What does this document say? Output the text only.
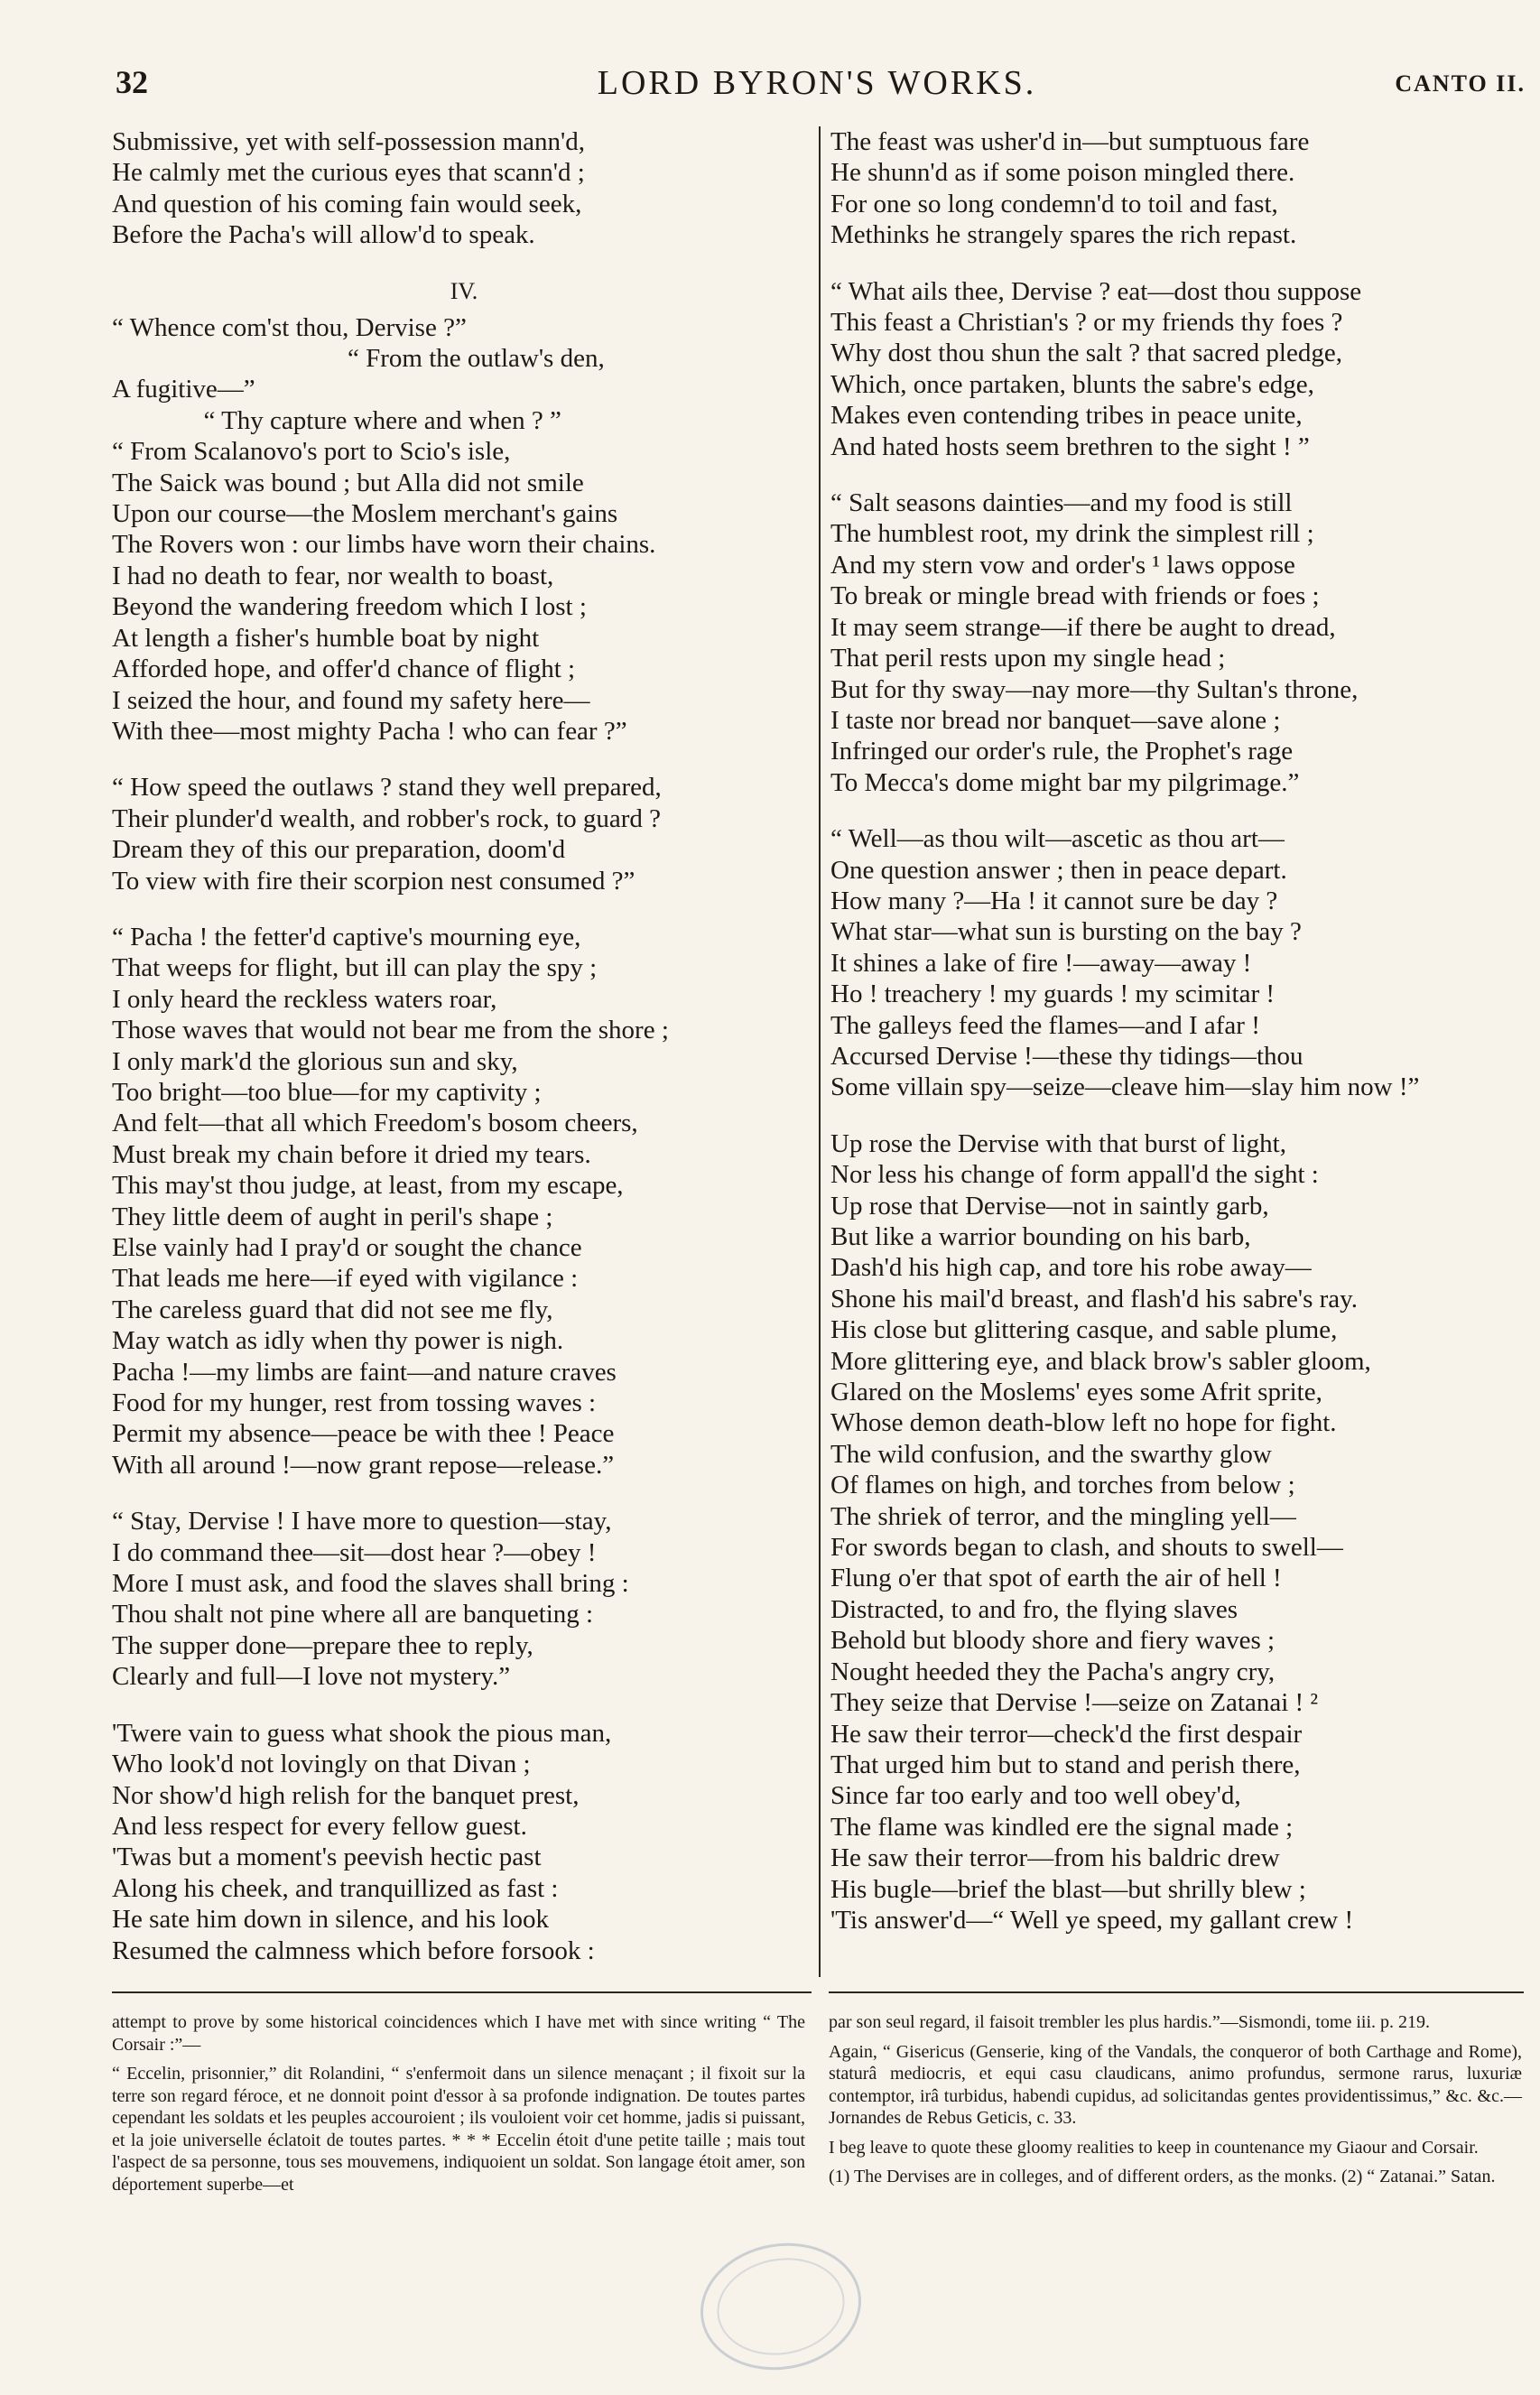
32	LORD BYRON'S WORKS.	CANTO II.
Submissive, yet with self-possession mann'd,
He calmly met the curious eyes that scann'd ;
And question of his coming fain would seek,
Before the Pacha's will allow'd to speak.
IV.
“ Whence com'st thou, Dervise ?”
“ From the outlaw's den,
A fugitive—”
“ Thy capture where and when ? ”
“ From Scalanovo's port to Scio's isle,
The Saick was bound ; but Alla did not smile
Upon our course—the Moslem merchant's gains
The Rovers won : our limbs have worn their chains.
I had no death to fear, nor wealth to boast,
Beyond the wandering freedom which I lost ;
At length a fisher's humble boat by night
Afforded hope, and offer'd chance of flight ;
I seized the hour, and found my safety here—
With thee—most mighty Pacha ! who can fear ?”
“ How speed the outlaws ? stand they well prepared,
Their plunder'd wealth, and robber's rock, to guard ?
Dream they of this our preparation, doom'd
To view with fire their scorpion nest consumed ?”
“ Pacha ! the fetter'd captive's mourning eye,
That weeps for flight, but ill can play the spy ;
I only heard the reckless waters roar,
Those waves that would not bear me from the shore ;
I only mark'd the glorious sun and sky,
Too bright—too blue—for my captivity ;
And felt—that all which Freedom's bosom cheers,
Must break my chain before it dried my tears.
This may'st thou judge, at least, from my escape,
They little deem of aught in peril's shape ;
Else vainly had I pray'd or sought the chance
That leads me here—if eyed with vigilance :
The careless guard that did not see me fly,
May watch as idly when thy power is nigh.
Pacha !—my limbs are faint—and nature craves
Food for my hunger, rest from tossing waves :
Permit my absence—peace be with thee ! Peace
With all around !—now grant repose—release.”
“ Stay, Dervise ! I have more to question—stay,
I do command thee—sit—dost hear ?—obey !
More I must ask, and food the slaves shall bring :
Thou shalt not pine where all are banqueting :
The supper done—prepare thee to reply,
Clearly and full—I love not mystery.”
'Twere vain to guess what shook the pious man,
Who look'd not lovingly on that Divan ;
Nor show'd high relish for the banquet prest,
And less respect for every fellow guest.
'Twas but a moment's peevish hectic past
Along his cheek, and tranquillized as fast :
He sate him down in silence, and his look
Resumed the calmness which before forsook :
The feast was usher'd in—but sumptuous fare
He shunn'd as if some poison mingled there.
For one so long condemn'd to toil and fast,
Methinks he strangely spares the rich repast.
“ What ails thee, Dervise ? eat—dost thou suppose
This feast a Christian's ? or my friends thy foes ?
Why dost thou shun the salt ? that sacred pledge,
Which, once partaken, blunts the sabre's edge,
Makes even contending tribes in peace unite,
And hated hosts seem brethren to the sight ! ”
“ Salt seasons dainties—and my food is still
The humblest root, my drink the simplest rill ;
And my stern vow and order's ¹ laws oppose
To break or mingle bread with friends or foes ;
It may seem strange—if there be aught to dread,
That peril rests upon my single head ;
But for thy sway—nay more—thy Sultan's throne,
I taste nor bread nor banquet—save alone ;
Infringed our order's rule, the Prophet's rage
To Mecca's dome might bar my pilgrimage.”
“ Well—as thou wilt—ascetic as thou art—
One question answer ; then in peace depart.
How many ?—Ha ! it cannot sure be day ?
What star—what sun is bursting on the bay ?
It shines a lake of fire !—away—away !
Ho ! treachery ! my guards ! my scimitar !
The galleys feed the flames—and I afar !
Accursed Dervise !—these thy tidings—thou
Some villain spy—seize—cleave him—slay him now !”
Up rose the Dervise with that burst of light,
Nor less his change of form appall'd the sight :
Up rose that Dervise—not in saintly garb,
But like a warrior bounding on his barb,
Dash'd his high cap, and tore his robe away—
Shone his mail'd breast, and flash'd his sabre's ray.
His close but glittering casque, and sable plume,
More glittering eye, and black brow's sabler gloom,
Glared on the Moslems' eyes some Afrit sprite,
Whose demon death-blow left no hope for fight.
The wild confusion, and the swarthy glow
Of flames on high, and torches from below ;
The shriek of terror, and the mingling yell—
For swords began to clash, and shouts to swell—
Flung o'er that spot of earth the air of hell !
Distracted, to and fro, the flying slaves
Behold but bloody shore and fiery waves ;
Nought heeded they the Pacha's angry cry,
They seize that Dervise !—seize on Zatanai ! ²
He saw their terror—check'd the first despair
That urged him but to stand and perish there,
Since far too early and too well obey'd,
The flame was kindled ere the signal made ;
He saw their terror—from his baldric drew
His bugle—brief the blast—but shrilly blew ;
'Tis answer'd—“ Well ye speed, my gallant crew !

attempt to prove by some historical coincidences which I have met with since writing “ The Corsair :”—

“ Eccelin, prisonnier,” dit Rolandini, “ s'enfermoit dans un silence menaçant ; il fixoit sur la terre son regard féroce, et ne donnoit point d'essor à sa profonde indignation. De toutes partes cependant les soldats et les peuples accouroient ; ils vouloient voir cet homme, jadis si puissant, et la joie universelle éclatoit de toutes partes. * * * Eccelin étoit d'une petite taille ; mais tout l'aspect de sa personne, tous ses mouvemens, indiquoient un soldat. Son langage étoit amer, son déportement superbe—et

par son seul regard, il faisoit trembler les plus hardis.”—Sismondi, tome iii. p. 219.

Again, “ Gisericus (Genserie, king of the Vandals, the conqueror of both Carthage and Rome), staturâ mediocris, et equi casu claudicans, animo profundus, sermone rarus, luxuriæ contemptor, irâ turbidus, habendi cupidus, ad solicitandas gentes providentissimus,” &c. &c.—Jornandes de Rebus Geticis, c. 33.

I beg leave to quote these gloomy realities to keep in countenance my Giaour and Corsair.

(1) The Dervises are in colleges, and of different orders, as the monks. (2) “ Zatanai.” Satan.
